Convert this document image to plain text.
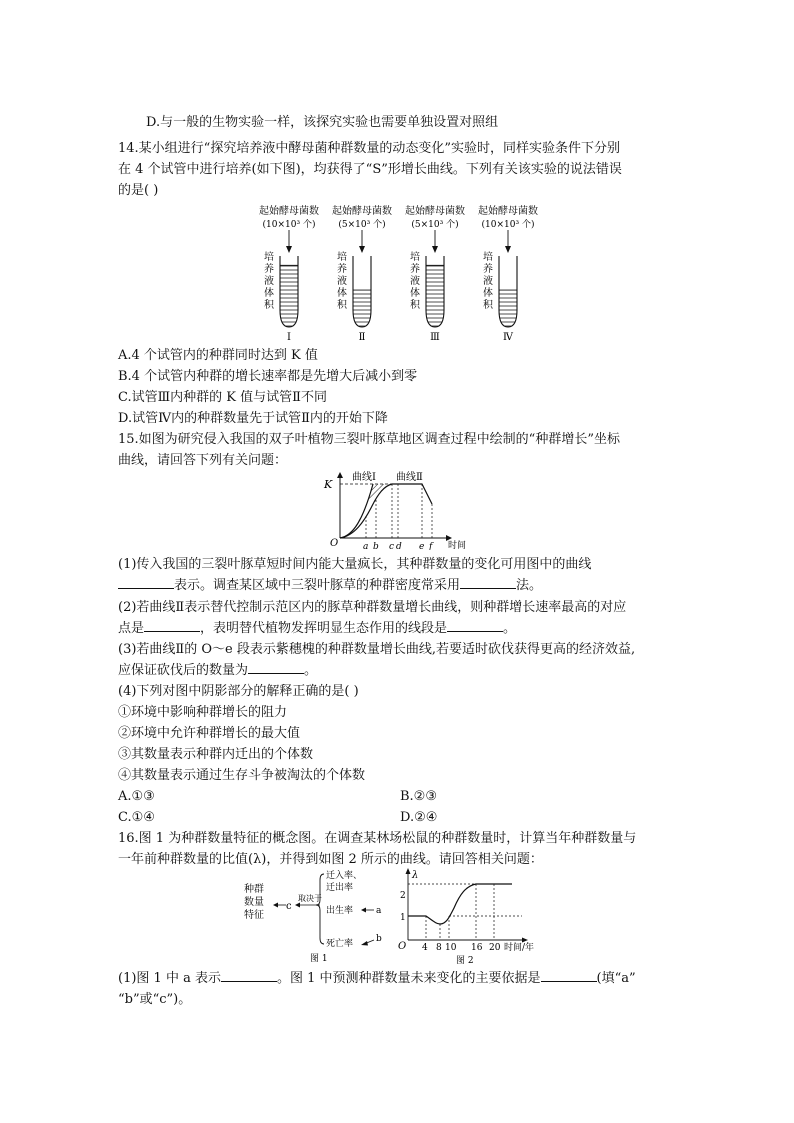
D.与一般的生物实验一样，该探究实验也需要单独设置对照组
14.某小组进行“探究培养液中酵母菌种群数量的动态变化”实验时，同样实验条件下分别
在 4 个试管中进行培养(如下图)，均获得了“S”形增长曲线。下列有关该实验的说法错误
的是( )
起始酵母菌数
(10×10³ 个)
培养液体积
Ⅰ
起始酵母菌数
(5×10³ 个)
培养液体积
Ⅱ
起始酵母菌数
(5×10³ 个)
培养液体积
Ⅲ
起始酵母菌数
(10×10³ 个)
培养液体积
Ⅳ
A.4 个试管内的种群同时达到 K 值
B.4 个试管内种群的增长速率都是先增大后减小到零
C.试管Ⅲ内种群的 K 值与试管Ⅱ不同
D.试管Ⅳ内的种群数量先于试管Ⅱ内的开始下降
15.如图为研究侵入我国的双子叶植物三裂叶豚草地区调查过程中绘制的“种群增长”坐标
曲线，请回答下列有关问题：
K
O
曲线Ⅰ 曲线Ⅱ
a b c d e f 时间
(1)传入我国的三裂叶豚草短时间内能大量疯长，其种群数量的变化可用图中的曲线
表示。调查某区域中三裂叶豚草的种群密度常采用	法。
(2)若曲线Ⅱ表示替代控制示范区内的豚草种群数量增长曲线，则种群增长速率最高的对应
点是	，表明替代植物发挥明显生态作用的线段是	。
(3)若曲线Ⅱ的 O～e 段表示紫穗槐的种群数量增长曲线,若要适时砍伐获得更高的经济效益,
应保证砍伐后的数量为	。
(4)下列对图中阴影部分的解释正确的是( )
①环境中影响种群增长的阻力
②环境中允许种群增长的最大值
③其数量表示种群内迁出的个体数
④其数量表示通过生存斗争被淘汰的个体数
A.①③	B.②③
C.①④	D.②④
16.图 1 为种群数量特征的概念图。在调查某林场松鼠的种群数量时，计算当年种群数量与
一年前种群数量的比值(λ)，并得到如图 2 所示的曲线。请回答相关问题：
种群
数量
特征
c
取决于
迁入率、
迁出率
出生率
死亡率
a
b
图 1
λ
O
1
2
4 8 10 16 20 时间/年
图 2
(1)图 1 中 a 表示	。图 1 中预测种群数量未来变化的主要依据是	(填“a”
“b”或“c”)。
